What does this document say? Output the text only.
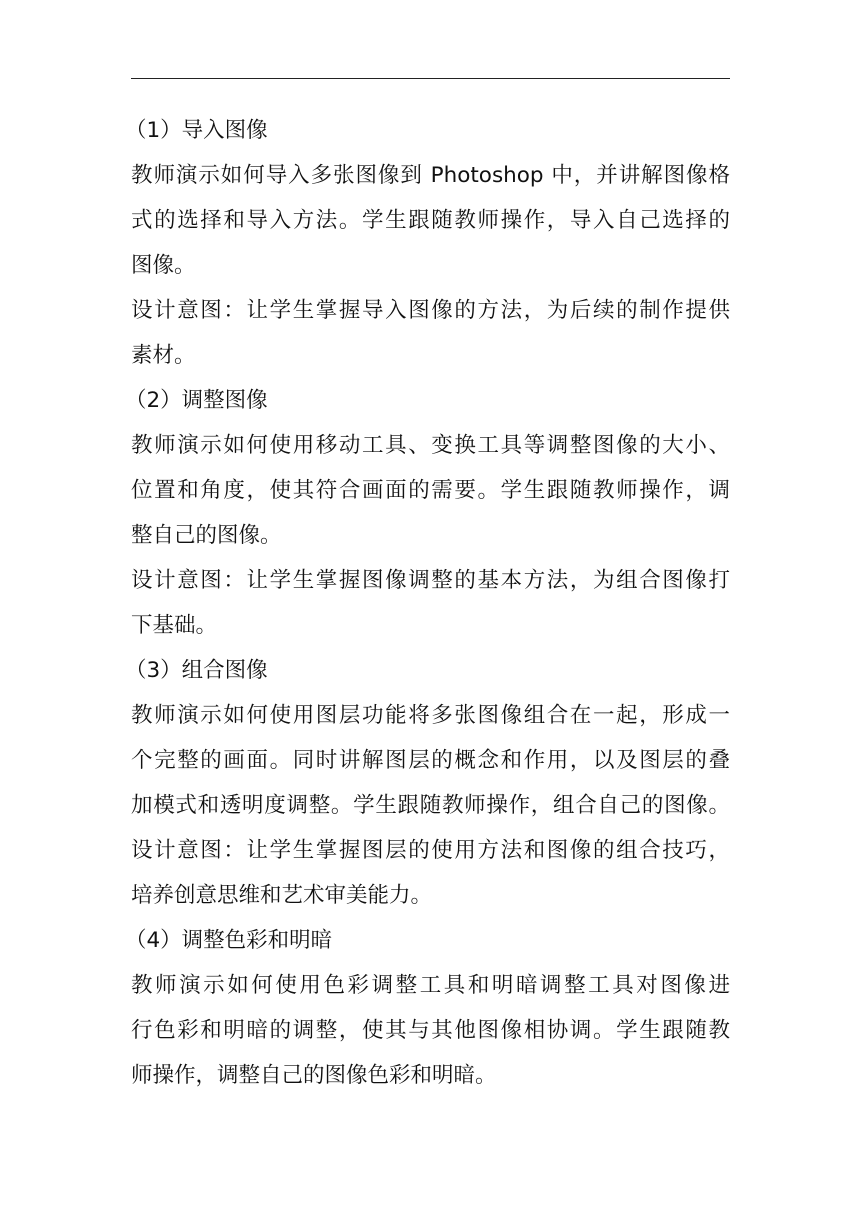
（1）导入图像
教师演示如何导入多张图像到 Photoshop 中，并讲解图像格
式的选择和导入方法。学生跟随教师操作，导入自己选择的
图像。
设计意图：让学生掌握导入图像的方法，为后续的制作提供
素材。
（2）调整图像
教师演示如何使用移动工具、变换工具等调整图像的大小、
位置和角度，使其符合画面的需要。学生跟随教师操作，调
整自己的图像。
设计意图：让学生掌握图像调整的基本方法，为组合图像打
下基础。
（3）组合图像
教师演示如何使用图层功能将多张图像组合在一起，形成一
个完整的画面。同时讲解图层的概念和作用，以及图层的叠
加模式和透明度调整。学生跟随教师操作，组合自己的图像。
设计意图：让学生掌握图层的使用方法和图像的组合技巧，
培养创意思维和艺术审美能力。
（4）调整色彩和明暗
教师演示如何使用色彩调整工具和明暗调整工具对图像进
行色彩和明暗的调整，使其与其他图像相协调。学生跟随教
师操作，调整自己的图像色彩和明暗。
